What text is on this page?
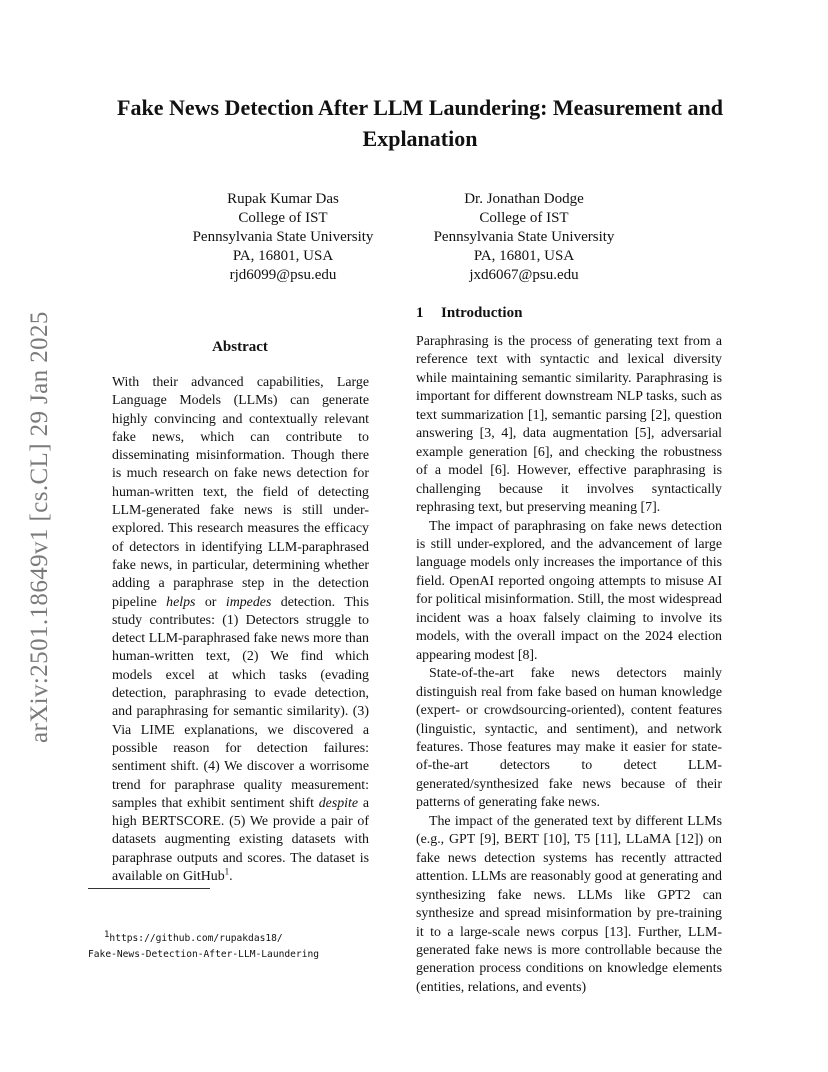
arXiv:2501.18649v1 [cs.CL] 29 Jan 2025
Fake News Detection After LLM Laundering: Measurement and Explanation
Rupak Kumar Das
College of IST
Pennsylvania State University
PA, 16801, USA
rjd6099@psu.edu
Dr. Jonathan Dodge
College of IST
Pennsylvania State University
PA, 16801, USA
jxd6067@psu.edu
Abstract
With their advanced capabilities, Large Language Models (LLMs) can generate highly convincing and contextually relevant fake news, which can contribute to disseminating misinformation. Though there is much research on fake news detection for human-written text, the field of detecting LLM-generated fake news is still under-explored. This research measures the efficacy of detectors in identifying LLM-paraphrased fake news, in particular, determining whether adding a paraphrase step in the detection pipeline helps or impedes detection. This study contributes: (1) Detectors struggle to detect LLM-paraphrased fake news more than human-written text, (2) We find which models excel at which tasks (evading detection, paraphrasing to evade detection, and paraphrasing for semantic similarity). (3) Via LIME explanations, we discovered a possible reason for detection failures: sentiment shift. (4) We discover a worrisome trend for paraphrase quality measurement: samples that exhibit sentiment shift despite a high BERTSCORE. (5) We provide a pair of datasets augmenting existing datasets with paraphrase outputs and scores. The dataset is available on GitHub$^1$.
1 Introduction

Paraphrasing is the process of generating text from a reference text with syntactic and lexical diversity while maintaining semantic similarity. Paraphrasing is important for different downstream NLP tasks, such as text summarization [1], semantic parsing [2], question answering [3, 4], data augmentation [5], adversarial example generation [6], and checking the robustness of a model [6]. However, effective paraphrasing is challenging because it involves syntactically rephrasing text, but preserving meaning [7].

The impact of paraphrasing on fake news detection is still under-explored, and the advancement of large language models only increases the importance of this field. OpenAI reported ongoing attempts to misuse AI for political misinformation. Still, the most widespread incident was a hoax falsely claiming to involve its models, with the overall impact on the 2024 election appearing modest [8].

State-of-the-art fake news detectors mainly distinguish real from fake based on human knowledge (expert- or crowdsourcing-oriented), content features (linguistic, syntactic, and sentiment), and network features. Those features may make it easier for state-of-the-art detectors to detect LLM-generated/synthesized fake news because of their patterns of generating fake news.

The impact of the generated text by different LLMs (e.g., GPT [9], BERT [10], T5 [11], LLaMA [12]) on fake news detection systems has recently attracted attention. LLMs are reasonably good at generating and synthesizing fake news. LLMs like GPT2 can synthesize and spread misinformation by pre-training it to a large-scale news corpus [13]. Further, LLM-generated fake news is more controllable because the generation process conditions on knowledge elements (entities, relations, and events)

$^1$https://github.com/rupakdas18/
Fake-News-Detection-After-LLM-Laundering
